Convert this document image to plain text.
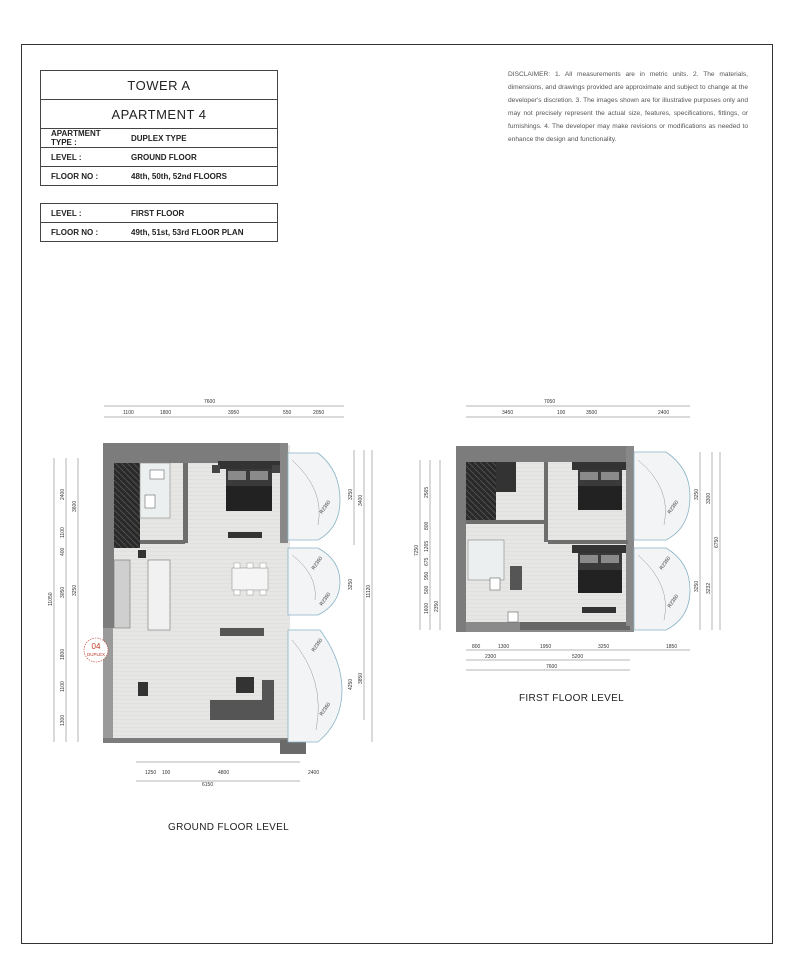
TOWER A
APARTMENT 4
APARTMENT TYPE :	DUPLEX TYPE
LEVEL :	GROUND FLOOR
FLOOR NO :	48th, 50th, 52nd FLOORS
LEVEL :	FIRST FLOOR
FLOOR NO :	49th, 51st, 53rd FLOOR PLAN
DISCLAIMER: 1. All measurements are in metric units. 2. The materials, dimensions, and drawings provided are approximate and subject to change at the developer's discretion. 3. The images shown are for illustrative purposes only and may not precisely represent the actual size, features, specifications, fittings, or furnishings. 4. The developer may make revisions or modifications as needed to enhance the design and functionality.
04
DUPLEX
7600
1100	1800	3950	550	2050
1250 100	4800	2400
6150
2400
1100
400
3050
1800
1100
1300
3600
3250
11050
3250
3400
3250
11120
4250
3850
R2350
R2350
R2350
R2350
R2350
7050
3450	100	3500	2400
800	1300	1950	3250	1850
2300	5200
7600
2565
800
1265
675
950
500
1600
7250
2350
3250 3300
6750
3250 3232
R2350
R2350
R2350
GROUND FLOOR LEVEL
FIRST FLOOR LEVEL
